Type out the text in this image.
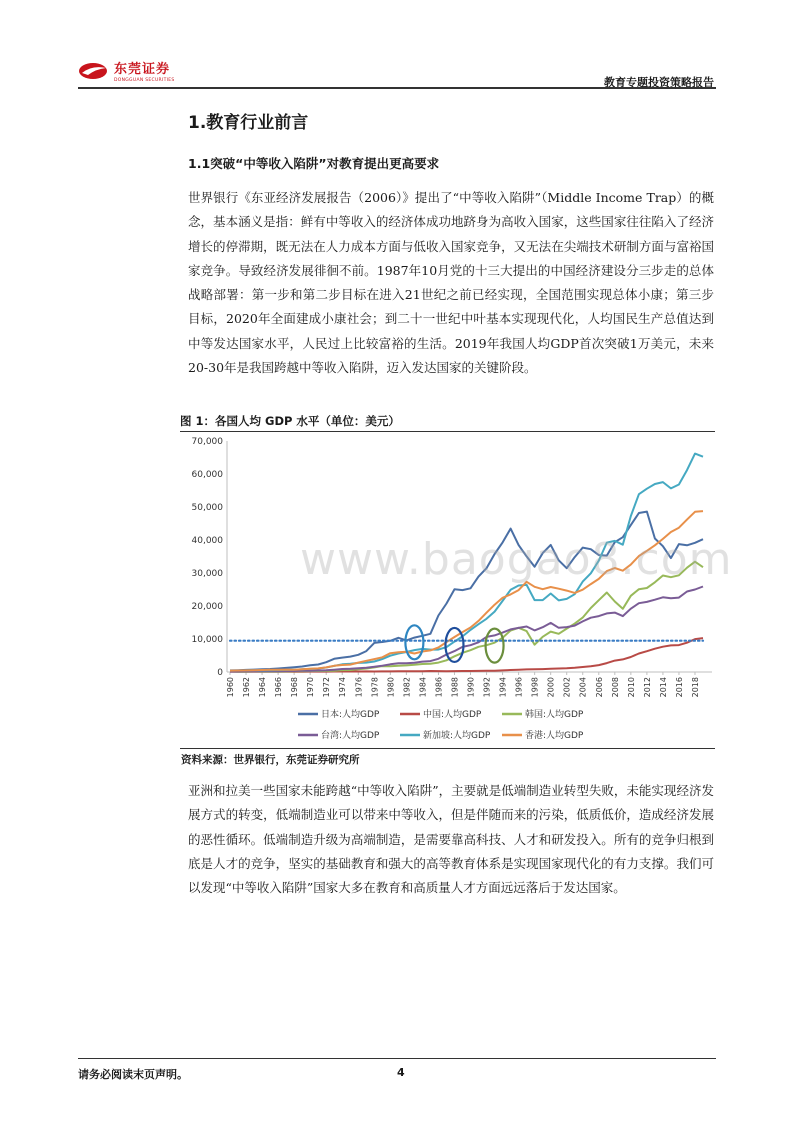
东莞证券
DONGGUAN SECURITIES	教育专题投资策略报告
1.教育行业前言
1.1突破“中等收入陷阱”对教育提出更高要求

世界银行《东亚经济发展报告（2006）》提出了“中等收入陷阱”（Middle Income Trap）的概念，基本涵义是指：鲜有中等收入的经济体成功地跻身为高收入国家，这些国家往往陷入了经济增长的停滞期，既无法在人力成本方面与低收入国家竞争，又无法在尖端技术研制方面与富裕国家竞争。导致经济发展徘徊不前。1987年10月党的十三大提出的中国经济建设分三步走的总体战略部署：第一步和第二步目标在进入21世纪之前已经实现，全国范围实现总体小康；第三步目标，2020年全面建成小康社会；到二十一世纪中叶基本实现现代化，人均国民生产总值达到中等发达国家水平，人民过上比较富裕的生活。2019年我国人均GDP首次突破1万美元，未来20-30年是我国跨越中等收入陷阱，迈入发达国家的关键阶段。

图 1：各国人均 GDP 水平（单位：美元）
0
10,000
20,000
30,000
40,000
50,000
60,000
70,000
1960 1962 1964 1966 1968 1970 1972 1974 1976 1978 1980 1982 1984 1986 1988 1990 1992 1994 1996 1998 2000 2002 2004 2006 2008 2010 2012 2014 2016 2018
日本:人均GDP	中国:人均GDP	韩国:人均GDP
台湾:人均GDP	新加坡:人均GDP	香港:人均GDP
www.baogao8.com
资料来源：世界银行，东莞证券研究所

亚洲和拉美一些国家未能跨越“中等收入陷阱”，主要就是低端制造业转型失败，未能实现经济发展方式的转变，低端制造业可以带来中等收入，但是伴随而来的污染，低质低价，造成经济发展的恶性循环。低端制造升级为高端制造，是需要靠高科技、人才和研发投入。所有的竞争归根到底是人才的竞争，坚实的基础教育和强大的高等教育体系是实现国家现代化的有力支撑。我们可以发现“中等收入陷阱”国家大多在教育和高质量人才方面远远落后于发达国家。

请务必阅读末页声明。	4
